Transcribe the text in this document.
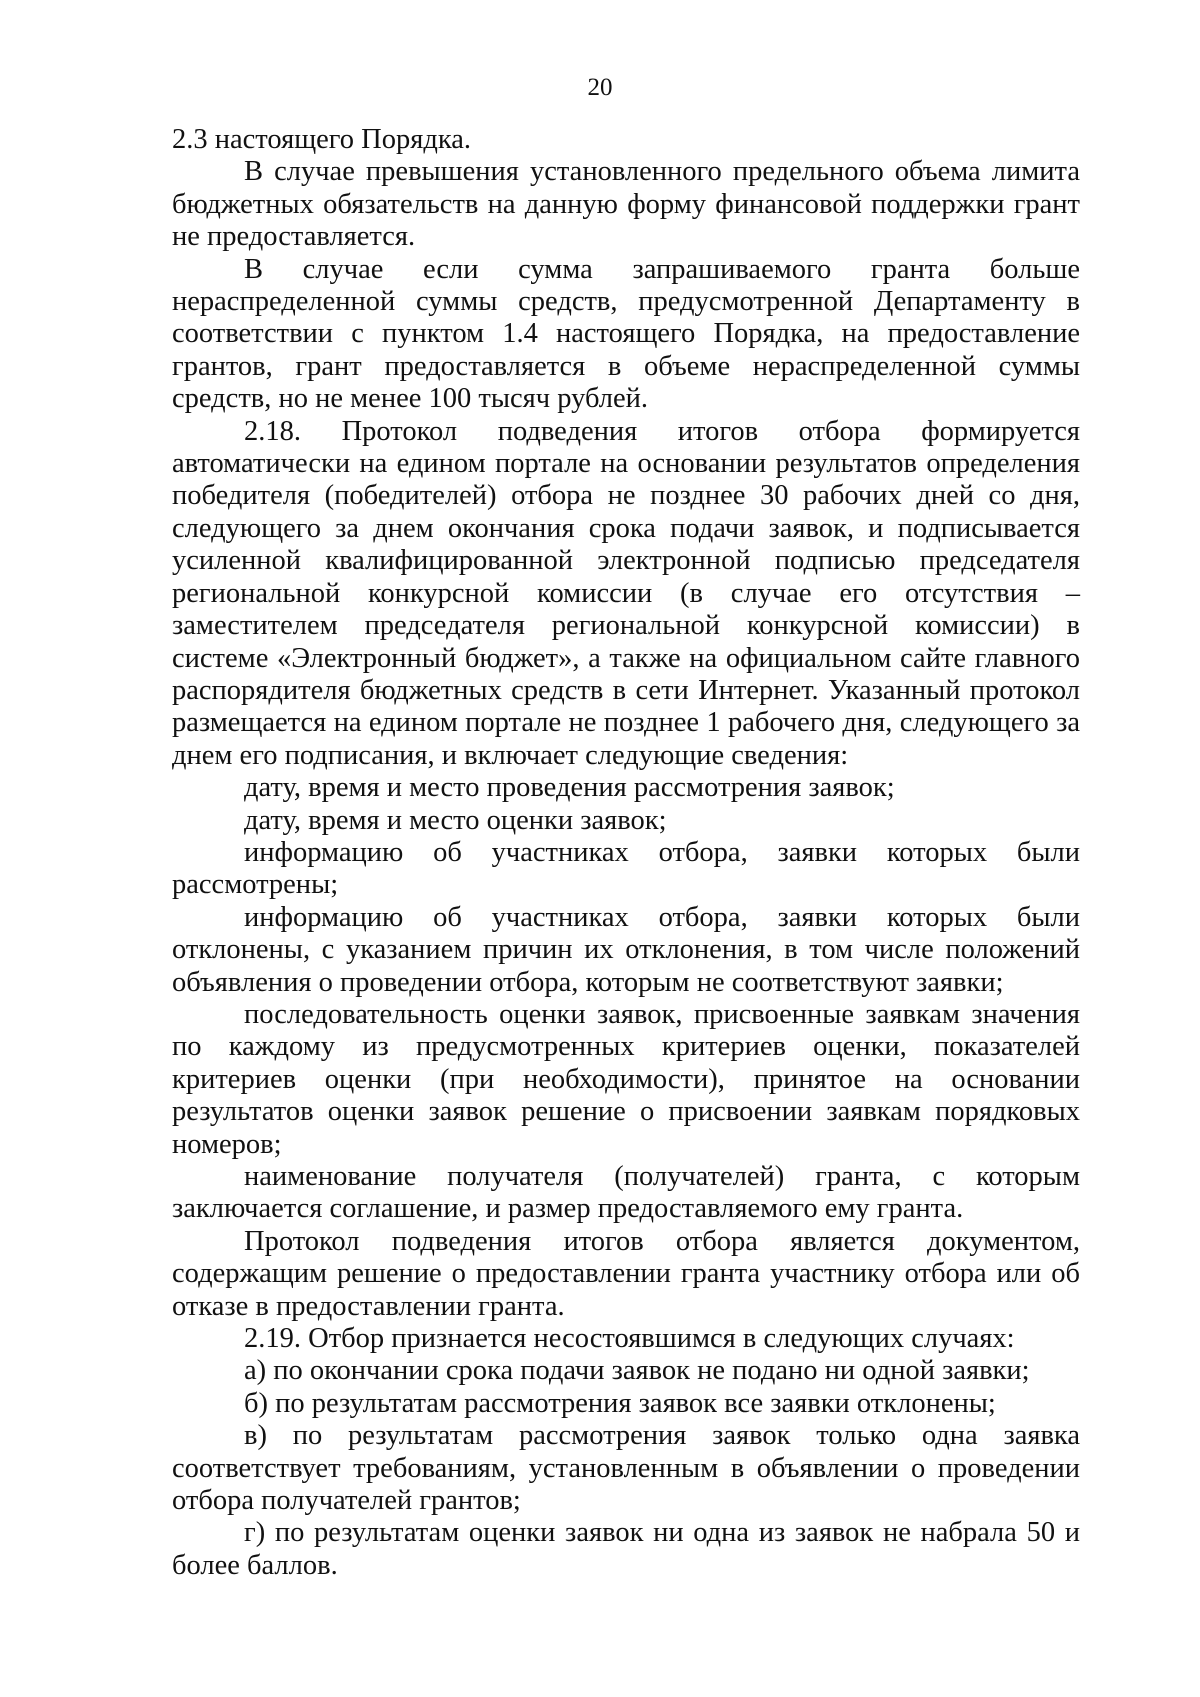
20

2.3 настоящего Порядка.

В случае превышения установленного предельного объема лимита бюджетных обязательств на данную форму финансовой поддержки грант не предоставляется.

В случае если сумма запрашиваемого гранта больше нераспределенной суммы средств, предусмотренной Департаменту в соответствии с пунктом 1.4 настоящего Порядка, на предоставление грантов, грант предоставляется в объеме нераспределенной суммы средств, но не менее 100 тысяч рублей.

2.18. Протокол подведения итогов отбора формируется автоматически на едином портале на основании результатов определения победителя (победителей) отбора не позднее 30 рабочих дней со дня, следующего за днем окончания срока подачи заявок, и подписывается усиленной квалифицированной электронной подписью председателя региональной конкурсной комиссии (в случае его отсутствия – заместителем председателя региональной конкурсной комиссии) в системе «Электронный бюджет», а также на официальном сайте главного распорядителя бюджетных средств в сети Интернет. Указанный протокол размещается на едином портале не позднее 1 рабочего дня, следующего за днем его подписания, и включает следующие сведения:

дату, время и место проведения рассмотрения заявок;

дату, время и место оценки заявок;

информацию об участниках отбора, заявки которых были рассмотрены;

информацию об участниках отбора, заявки которых были отклонены, с указанием причин их отклонения, в том числе положений объявления о проведении отбора, которым не соответствуют заявки;

последовательность оценки заявок, присвоенные заявкам значения по каждому из предусмотренных критериев оценки, показателей критериев оценки (при необходимости), принятое на основании результатов оценки заявок решение о присвоении заявкам порядковых номеров;

наименование получателя (получателей) гранта, с которым заключается соглашение, и размер предоставляемого ему гранта.

Протокол подведения итогов отбора является документом, содержащим решение о предоставлении гранта участнику отбора или об отказе в предоставлении гранта.

2.19. Отбор признается несостоявшимся в следующих случаях:

а) по окончании срока подачи заявок не подано ни одной заявки;

б) по результатам рассмотрения заявок все заявки отклонены;

в) по результатам рассмотрения заявок только одна заявка соответствует требованиям, установленным в объявлении о проведении отбора получателей грантов;

г) по результатам оценки заявок ни одна из заявок не набрала 50 и более баллов.
